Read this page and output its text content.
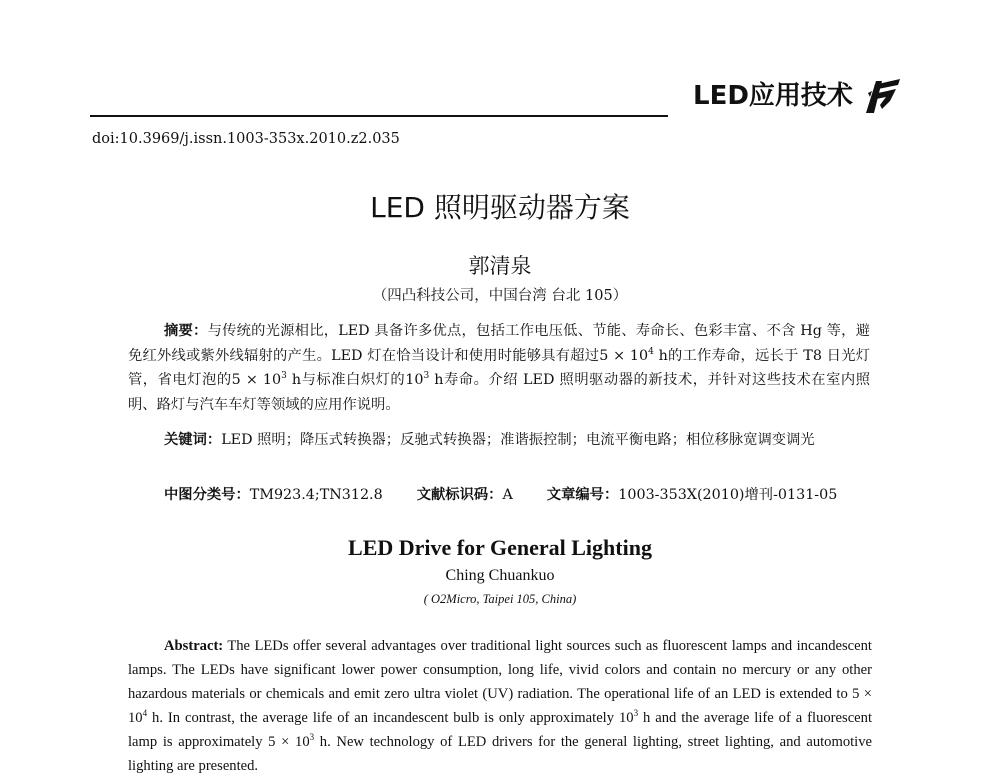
LED应用技术
doi:10.3969/j.issn.1003-353x.2010.z2.035
LED 照明驱动器方案
郭清泉
（四凸科技公司，中国台湾 台北 105）
摘要：与传统的光源相比，LED 具备许多优点，包括工作电压低、节能、寿命长、色彩丰富、不含 Hg 等，避免红外线或紫外线辐射的产生。LED 灯在恰当设计和使用时能够具有超过$5 \times 10^4$ h的工作寿命，远长于 T8 日光灯管，省电灯泡的$5 \times 10^3$ h与标准白炽灯的$10^3$ h寿命。介绍 LED 照明驱动器的新技术，并针对这些技术在室内照明、路灯与汽车车灯等领域的应用作说明。
关键词：LED 照明；降压式转换器；反驰式转换器；准谐振控制；电流平衡电路；相位移脉宽调变调光
中图分类号：TM923.4;TN312.8 文献标识码：A 文章编号：1003-353X(2010)增刊-0131-05
LED Drive for General Lighting
Ching Chuankuo
( O2Micro, Taipei 105, China)
Abstract: The LEDs offer several advantages over traditional light sources such as fluorescent lamps and incandescent lamps. The LEDs have significant lower power consumption, long life, vivid colors and contain no mercury or any other hazardous materials or chemicals and emit zero ultra violet (UV) radiation. The operational life of an LED is extended to $5 \times 10^4$ h. In contrast, the average life of an incandescent bulb is only approximately $10^3$ h and the average life of a fluorescent lamp is approximately $5 \times 10^3$ h. New technology of LED drivers for the general lighting, street lighting, and automotive lighting are presented.
